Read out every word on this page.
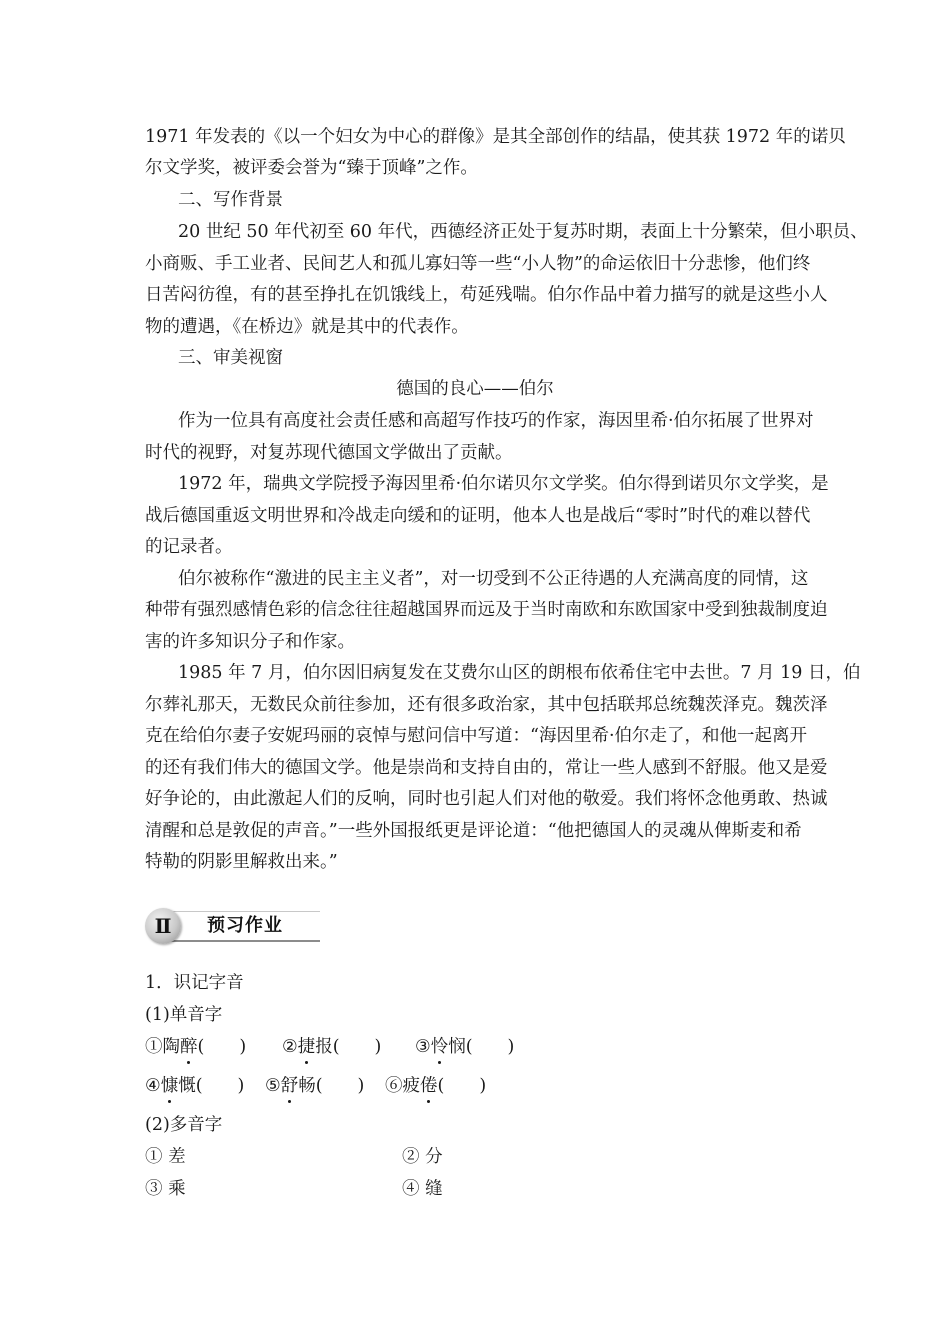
1971 年发表的《以一个妇女为中心的群像》是其全部创作的结晶，使其获 1972 年的诺贝
尔文学奖，被评委会誉为“臻于顶峰”之作。
二、写作背景
20 世纪 50 年代初至 60 年代，西德经济正处于复苏时期，表面上十分繁荣，但小职员、
小商贩、手工业者、民间艺人和孤儿寡妇等一些“小人物”的命运依旧十分悲惨，他们终
日苦闷彷徨，有的甚至挣扎在饥饿线上，苟延残喘。伯尔作品中着力描写的就是这些小人
物的遭遇，《在桥边》就是其中的代表作。
三、审美视窗
德国的良心——伯尔
作为一位具有高度社会责任感和高超写作技巧的作家，海因里希·伯尔拓展了世界对
时代的视野，对复苏现代德国文学做出了贡献。
1972 年，瑞典文学院授予海因里希·伯尔诺贝尔文学奖。伯尔得到诺贝尔文学奖，是
战后德国重返文明世界和冷战走向缓和的证明，他本人也是战后“零时”时代的难以替代
的记录者。
伯尔被称作“激进的民主主义者”，对一切受到不公正待遇的人充满高度的同情，这
种带有强烈感情色彩的信念往往超越国界而远及于当时南欧和东欧国家中受到独裁制度迫
害的许多知识分子和作家。
1985 年 7 月，伯尔因旧病复发在艾费尔山区的朗根布依希住宅中去世。7 月 19 日，伯
尔葬礼那天，无数民众前往参加，还有很多政治家，其中包括联邦总统魏茨泽克。魏茨泽
克在给伯尔妻子安妮玛丽的哀悼与慰问信中写道：“海因里希·伯尔走了，和他一起离开
的还有我们伟大的德国文学。他是崇尚和支持自由的，常让一些人感到不舒服。他又是爱
好争论的，由此激起人们的反响，同时也引起人们对他的敬爱。我们将怀念他勇敢、热诚
清醒和总是敦促的声音。”一些外国报纸更是评论道：“他把德国人的灵魂从俾斯麦和希
特勒的阴影里解救出来。”
Ⅱ	预习作业
1．识记字音
(1)单音字
①陶醉(　　) ②捷报(　　) ③怜悯(　　)
④慷慨(　　) ⑤舒畅(　　) ⑥疲倦(　　)
(2)多音字
① 差	② 分
③ 乘	④ 缝
